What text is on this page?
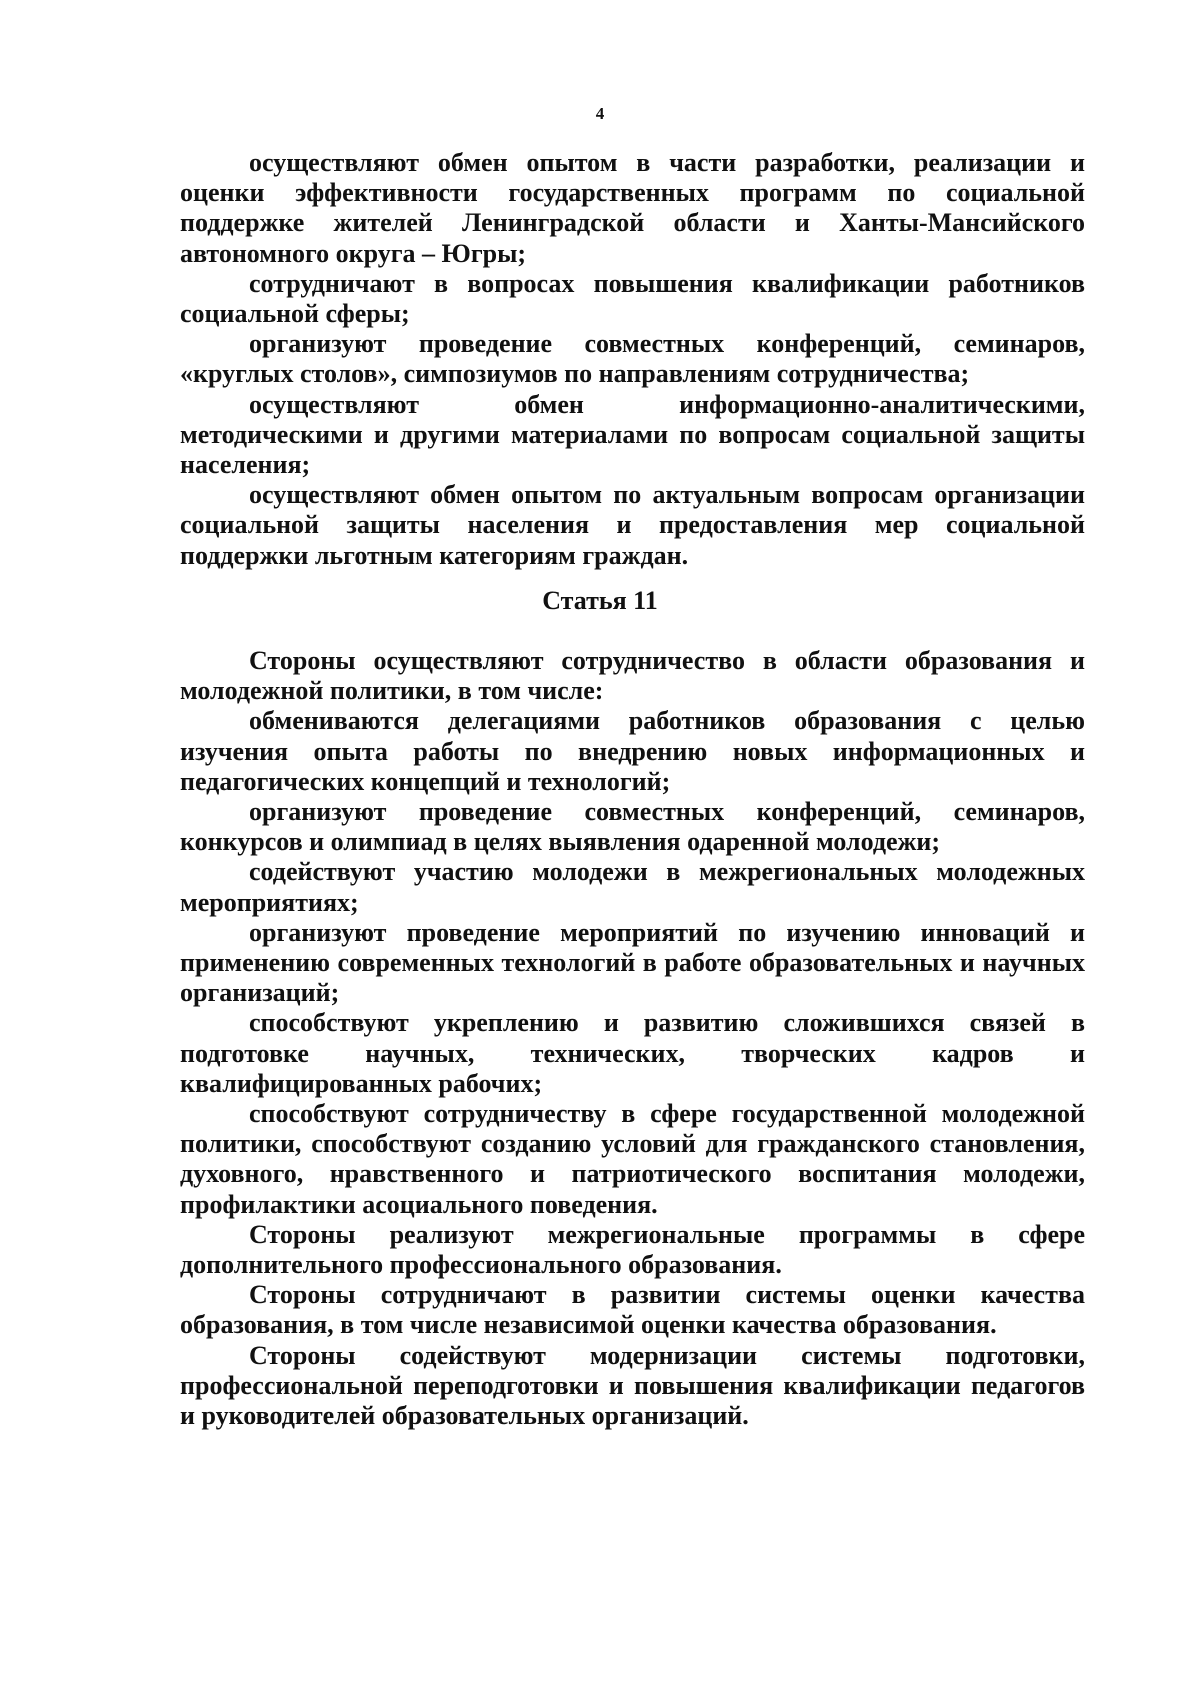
4

осуществляют обмен опытом в части разработки, реализации и оценки эффективности государственных программ по социальной поддержке жителей Ленинградской области и Ханты-Мансийского автономного округа – Югры;

сотрудничают в вопросах повышения квалификации работников социальной сферы;

организуют проведение совместных конференций, семинаров, «круглых столов», симпозиумов по направлениям сотрудничества;

осуществляют обмен информационно-аналитическими, методическими и другими материалами по вопросам социальной защиты населения;

осуществляют обмен опытом по актуальным вопросам организации социальной защиты населения и предоставления мер социальной поддержки льготным категориям граждан.

Статья 11

Стороны осуществляют сотрудничество в области образования и молодежной политики, в том числе:

обмениваются делегациями работников образования с целью изучения опыта работы по внедрению новых информационных и педагогических концепций и технологий;

организуют проведение совместных конференций, семинаров, конкурсов и олимпиад в целях выявления одаренной молодежи;

содействуют участию молодежи в межрегиональных молодежных мероприятиях;

организуют проведение мероприятий по изучению инноваций и применению современных технологий в работе образовательных и научных организаций;

способствуют укреплению и развитию сложившихся связей в подготовке научных, технических, творческих кадров и квалифицированных рабочих;

способствуют сотрудничеству в сфере государственной молодежной политики, способствуют созданию условий для гражданского становления, духовного, нравственного и патриотического воспитания молодежи, профилактики асоциального поведения.

Стороны реализуют межрегиональные программы в сфере дополнительного профессионального образования.

Стороны сотрудничают в развитии системы оценки качества образования, в том числе независимой оценки качества образования.

Стороны содействуют модернизации системы подготовки, профессиональной переподготовки и повышения квалификации педагогов и руководителей образовательных организаций.
